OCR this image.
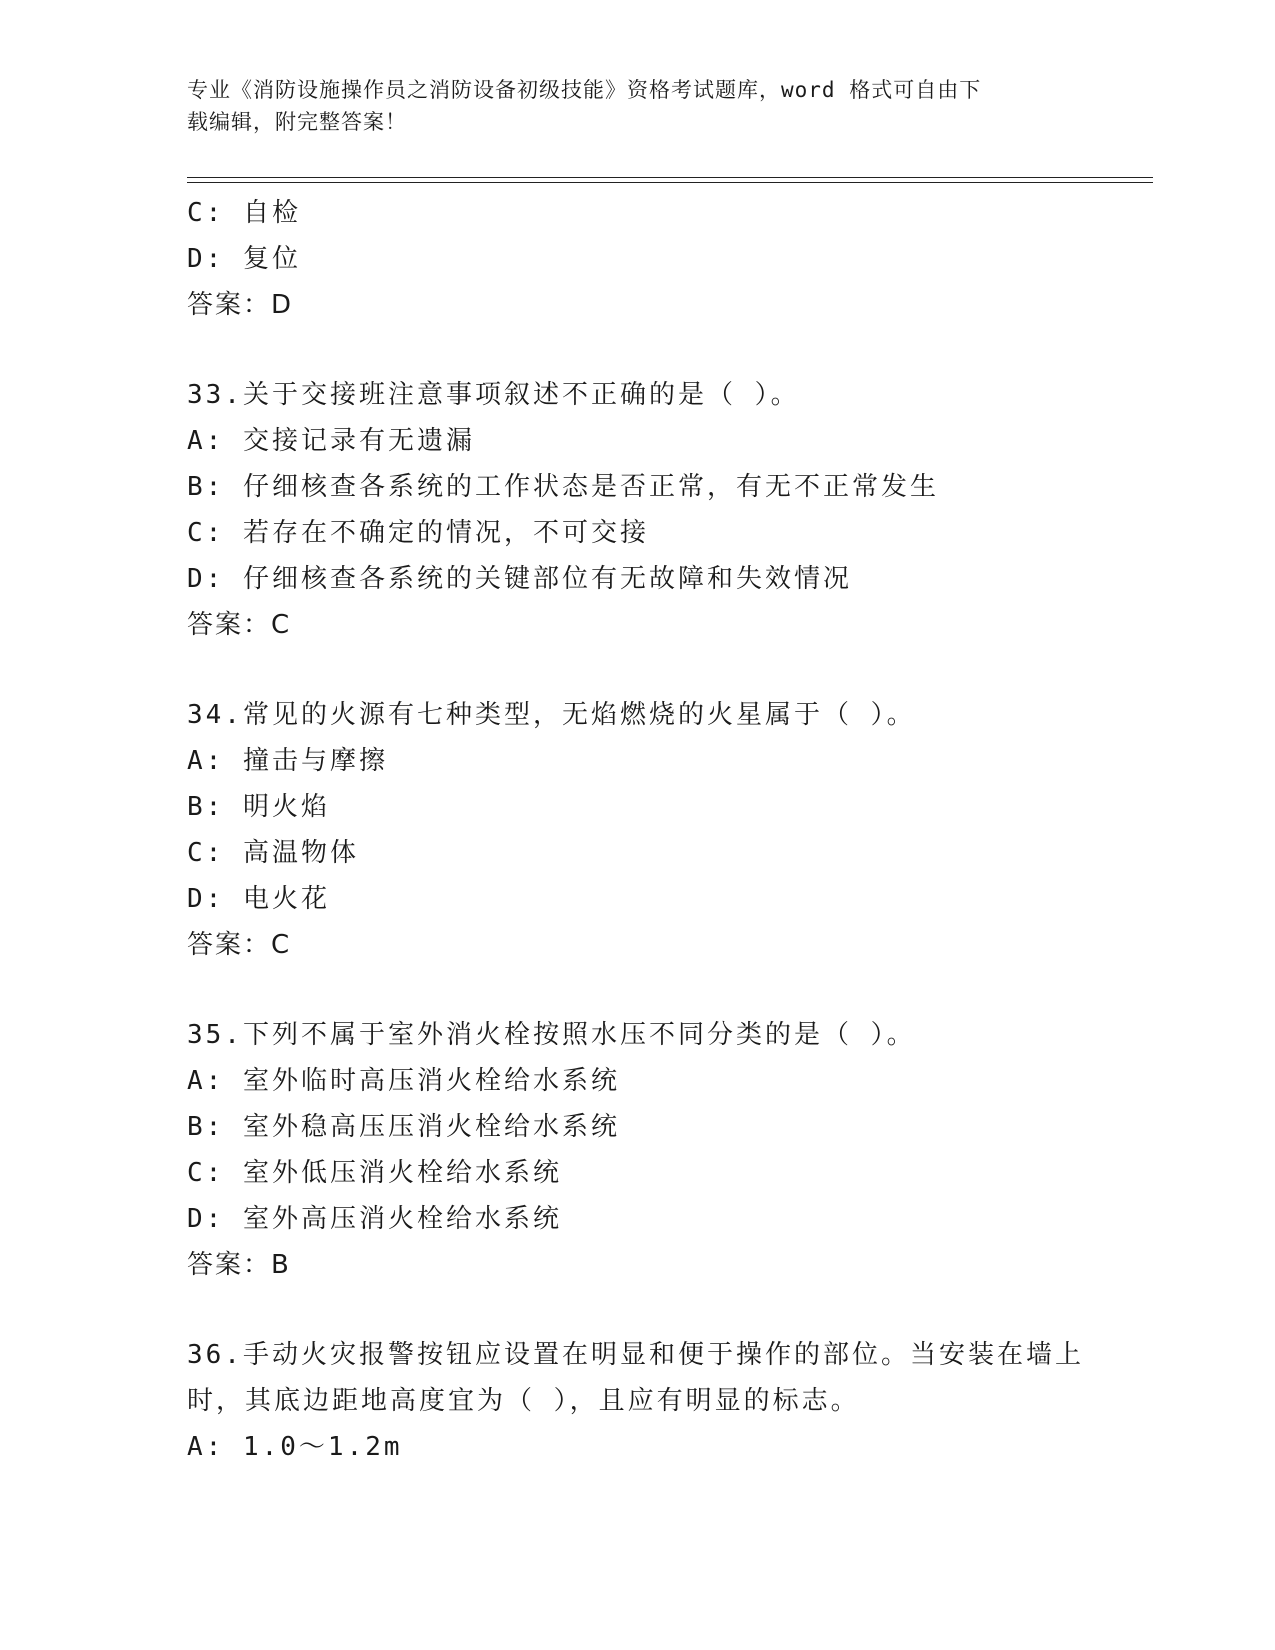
专业《消防设施操作员之消防设备初级技能》资格考试题库，word 格式可自由下
载编辑，附完整答案！
C: 自检
D: 复位
答案：D
33.关于交接班注意事项叙述不正确的是（ ）。
A: 交接记录有无遗漏
B: 仔细核查各系统的工作状态是否正常，有无不正常发生
C: 若存在不确定的情况，不可交接
D: 仔细核查各系统的关键部位有无故障和失效情况
答案：C
34.常见的火源有七种类型，无焰燃烧的火星属于（ ）。
A: 撞击与摩擦
B: 明火焰
C: 高温物体
D: 电火花
答案：C
35.下列不属于室外消火栓按照水压不同分类的是（ ）。
A: 室外临时高压消火栓给水系统
B: 室外稳高压压消火栓给水系统
C: 室外低压消火栓给水系统
D: 室外高压消火栓给水系统
答案：B
36.手动火灾报警按钮应设置在明显和便于操作的部位。当安装在墙上
时，其底边距地高度宜为（ ），且应有明显的标志。
A: 1.0～1.2m
